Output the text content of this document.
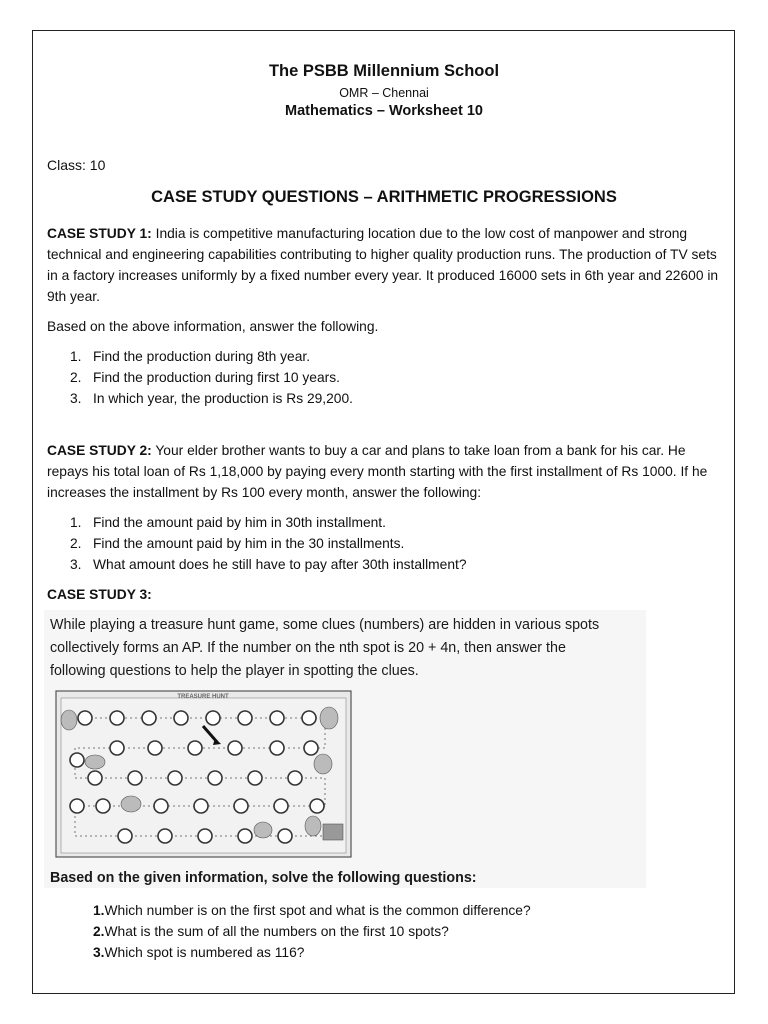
The PSBB Millennium School
OMR – Chennai
Mathematics – Worksheet 10
Class: 10
CASE STUDY QUESTIONS – ARITHMETIC PROGRESSIONS
CASE STUDY 1: India is competitive manufacturing location due to the low cost of manpower and strong technical and engineering capabilities contributing to higher quality production runs. The production of TV sets in a factory increases uniformly by a fixed number every year. It produced 16000 sets in 6th year and 22600 in 9th year.
Based on the above information, answer the following.
1. Find the production during 8th year.
2. Find the production during first 10 years.
3. In which year, the production is Rs 29,200.
CASE STUDY 2: Your elder brother wants to buy a car and plans to take loan from a bank for his car. He repays his total loan of Rs 1,18,000 by paying every month starting with the first installment of Rs 1000. If he increases the installment by Rs 100 every month, answer the following:
1. Find the amount paid by him in 30th installment.
2. Find the amount paid by him in the 30 installments.
3. What amount does he still have to pay after 30th installment?
CASE STUDY 3:
While playing a treasure hunt game, some clues (numbers) are hidden in various spots
collectively forms an AP. If the number on the nth spot is 20 + 4n, then answer the
following questions to help the player in spotting the clues.
TREASURE HUNT
Based on the given information, solve the following questions:
1.Which number is on the first spot and what is the common difference?
2.What is the sum of all the numbers on the first 10 spots?
3.Which spot is numbered as 116?
